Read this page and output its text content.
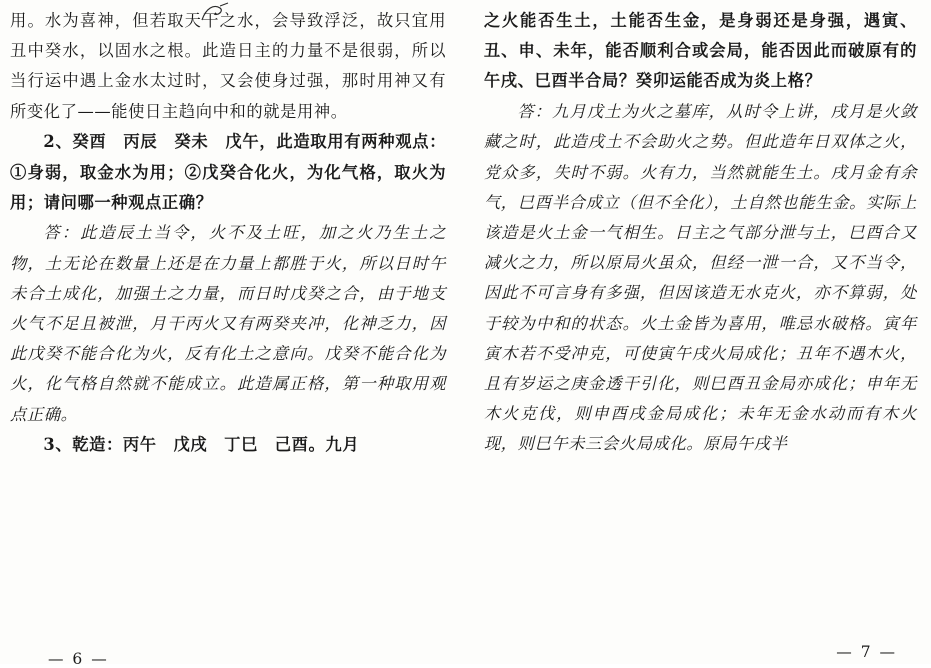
用。水为喜神，但若取天干之水，会导致浮泛，故只宜用丑中癸水，以固水之根。此造日主的力量不是很弱，所以当行运中遇上金水太过时，又会使身过强，那时用神又有所变化了——能使日主趋向中和的就是用神。

2、癸酉　丙辰　癸未　戊午，此造取用有两种观点：①身弱，取金水为用；②戊癸合化火，为化气格，取火为用；请问哪一种观点正确？

答：此造辰土当令，火不及土旺，加之火乃生土之物，土无论在数量上还是在力量上都胜于火，所以日时午未合土成化，加强土之力量，而日时戊癸之合，由于地支火气不足且被泄，月干丙火又有两癸夹冲，化神乏力，因此戊癸不能合化为火，反有化土之意向。戊癸不能合化为火，化气格自然就不能成立。此造属正格，第一种取用观点正确。

3、乾造：丙午　戊戌　丁巳　己酉。九月

之火能否生土，土能否生金，是身弱还是身强，遇寅、丑、申、未年，能否顺利合或会局，能否因此而破原有的午戌、巳酉半合局？癸卯运能否成为炎上格？

答：九月戊土为火之墓库，从时令上讲，戌月是火敛藏之时，此造戌土不会助火之势。但此造年日双体之火，党众多，失时不弱。火有力，当然就能生土。戌月金有余气，巳酉半合成立（但不全化），土自然也能生金。实际上该造是火土金一气相生。日主之气部分泄与土，巳酉合又减火之力，所以原局火虽众，但经一泄一合，又不当令，因此不可言身有多强，但因该造无水克火，亦不算弱，处于较为中和的状态。火土金皆为喜用，唯忌水破格。寅年寅木若不受冲克，可使寅午戌火局成化；丑年不遇木火，且有岁运之庚金透干引化，则巳酉丑金局亦成化；申年无木火克伐，则申酉戌金局成化；未年无金水动而有木火现，则巳午未三会火局成化。原局午戌半

— 6 —	— 7 —
